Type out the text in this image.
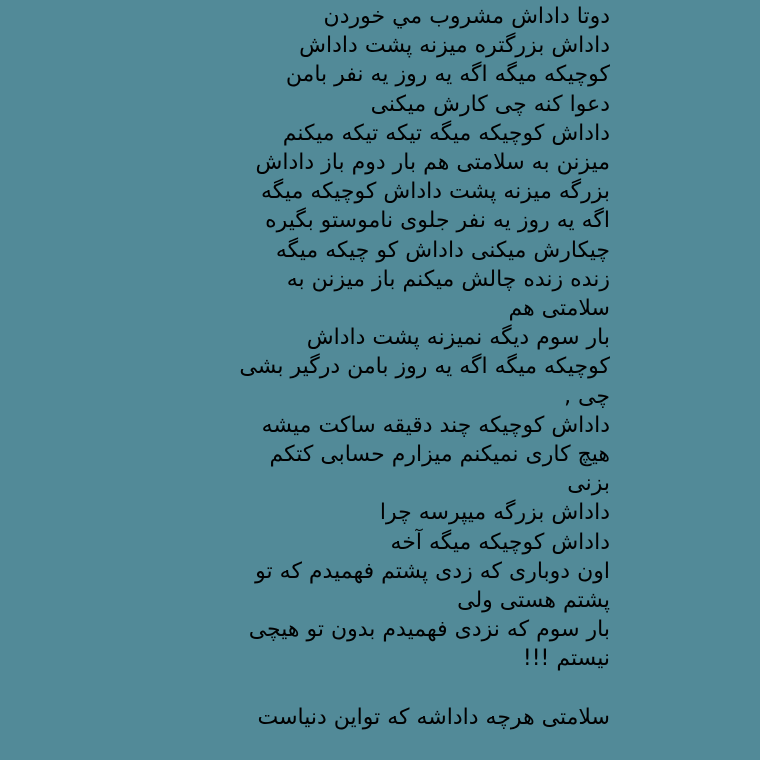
دوتا داداش مشروب مي خوردن
داداش بزرگتره میزنه پشت داداش
کوچیکه میگه اگه یه روز یه نفر بامن
دعوا کنه چی کارش میکنی
داداش کوچیکه میگه تیکه تیکه میکنم
میزنن به سلامتی هم بار دوم باز داداش
بزرگه میزنه پشت داداش کوچیکه میگه
اگه یه روز یه نفر جلوی ناموستو بگیره
چیکارش میکنی داداش کو چیکه میگه
زنده زنده چالش میکنم باز میزنن به
سلامتی هم
بار سوم دیگه نمیزنه پشت داداش
کوچیکه میگه اگه یه روز بامن درگیر بشی
چی ,
داداش کوچیکه چند دقیقه ساکت میشه
هیچ کاری نمیکنم میزارم حسابی کتکم
بزنی
داداش بزرگه میپرسه چرا
داداش کوچیکه میگه آخه
اون دوباری که زدی پشتم فهمیدم که تو
پشتم هستی ولی
بار سوم که نزدی فهمیدم بدون تو هیچی
نیستم !!!
سلامتی هرچه داداشه که تواین دنیاست
